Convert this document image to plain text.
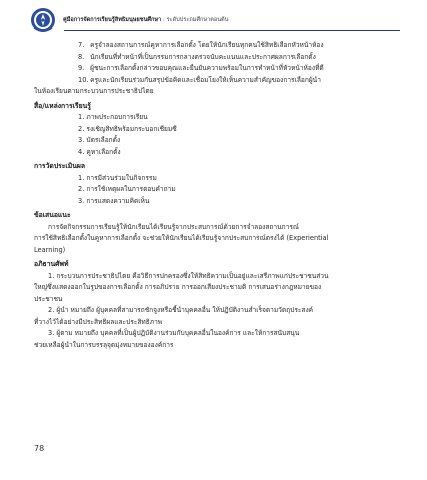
คู่มือการจัดการเรียนรู้สิทธิมนุษยชนศึกษา : ระดับประถมศึกษาตอนต้น
7. ครูจำลองสถานการณ์คูหาการเลือกตั้ง โดยให้นักเรียนทุกคนใช้สิทธิเลือกหัวหน้าห้อง
8. นักเรียนที่ทำหน้าที่เป็นกรรมการกลางตรวจนับคะแนนและประกาศผลการเลือกตั้ง
9. ผู้ชนะการเลือกตั้งกล่าวขอบคุณและยืนยันความพร้อมในการทำหน้าที่หัวหน้าห้องที่ดี
10. ครูและนักเรียนร่วมกันสรุปข้อคิดและเชื่อมโยงให้เห็นความสำคัญของการเลือกผู้นำ
ในห้องเรียนตามกระบวนการประชาธิปไตย
สื่อ/แหล่งการเรียนรู้
1. ภาพประกอบการเรียน
2. รงเชิญสิทธิพร้อมกระบอกเชียมซี
3. บัตรเลือกตั้ง
4. คูหาเลือกตั้ง
การวัดประเมินผล
1. การมีส่วนร่วมในกิจกรรม
2. การใช้เหตุผลในการตอบคำถาม
3. การแสดงความคิดเห็น
ข้อเสนอแนะ
การจัดกิจกรรมการเรียนรู้ให้นักเรียนได้เรียนรู้จากประสบการณ์ด้วยการจำลองสถานการณ์
การใช้สิทธิเลือกตั้งในคูหาการเลือกตั้ง จะช่วยให้นักเรียนได้เรียนรู้จากประสบการณ์ตรงได้ (Experiential
Learning)
อภิธานศัพท์
1. กระบวนการประชาธิปไตย คือวิธีการปกครองซึ่งให้สิทธิความเป็นอยู่และเสรีภาพแก่ประชาชนส่วน
ใหญ่ซึ่งแสดงออกในรูปของการเลือกตั้ง การอภิปราย การออกเสียงประชามติ การเสนอร่างกฎหมายของ
ประชาชน
2. ผู้นำ หมายถึง ผู้บุคคลที่สามารถชักจูงหรือชี้นำบุคคลอื่น ให้ปฏิบัติงานสำเร็จตามวัตถุประสงค์
ที่วางไว้ได้อย่างมีประสิทธิผลและประสิทธิภาพ
3. ผู้ตาม หมายถึง บุคคลที่เป็นผู้ปฏิบัติงานร่วมกับบุคคลอื่นในองค์การ และให้การสนับสนุน
ช่วยเหลือผู้นำในการบรรลุจุดมุ่งหมายขององค์การ
78
